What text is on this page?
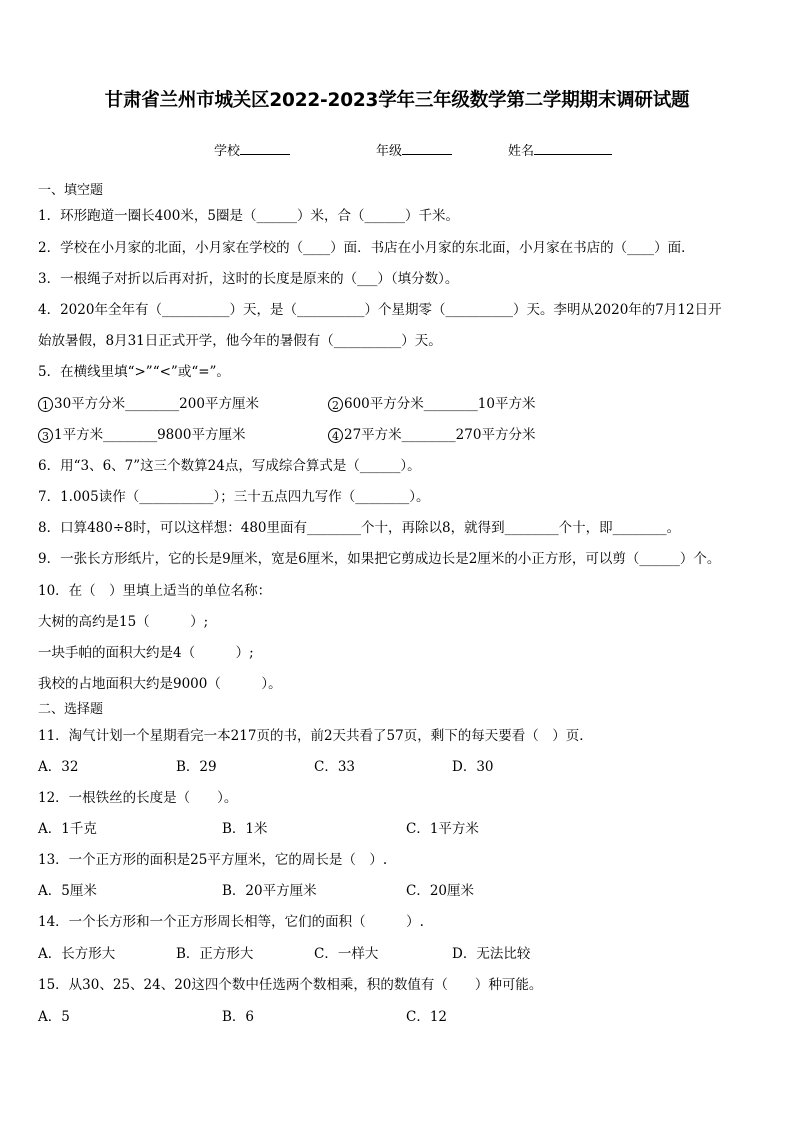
甘肃省兰州市城关区2022-2023学年三年级数学第二学期期末调研试题
学校	年级	姓名
一、填空题
1．环形跑道一圈长400米，5圈是（______）米，合（______）千米。
2．学校在小月家的北面，小月家在学校的（____）面．书店在小月家的东北面，小月家在书店的（____）面．
3．一根绳子对折以后再对折，这时的长度是原来的（___）（填分数）。
4．2020年全年有（__________）天，是（__________）个星期零（__________）天。李明从2020年的7月12日开
始放暑假，8月31日正式开学，他今年的暑假有（__________）天。
5．在横线里填“>”“<”或“=”。
1 30平方分米________200平方厘米	2 600平方分米________10平方米
3 1平方米________9800平方厘米	4 27平方米________270平方分米
6．用“3、6、7”这三个数算24点，写成综合算式是（______）。
7．1.005读作（___________）；三十五点四九写作（________）。
8．口算480÷8时，可以这样想：480里面有________个十，再除以8，就得到________个十，即________。
9．一张长方形纸片，它的长是9厘米，宽是6厘米，如果把它剪成边长是2厘米的小正方形，可以剪（______）个。
10．在（　）里填上适当的单位名称：
大树的高约是15（　　　）;
一块手帕的面积大约是4（　　　）;
我校的占地面积大约是9000（　　　）。
二、选择题
11．淘气计划一个星期看完一本217页的书，前2天共看了57页，剩下的每天要看（　）页．
A．32	B．29	C．33	D．30
12．一根铁丝的长度是（　　）。
A．1千克	B．1米	C．1平方米
13．一个正方形的面积是25平方厘米，它的周长是（　）.
A．5厘米	B．20平方厘米	C．20厘米
14．一个长方形和一个正方形周长相等，它们的面积（　　　）.
A．长方形大	B．正方形大	C．一样大	D．无法比较
15．从30、25、24、20这四个数中任选两个数相乘，积的数值有（　　）种可能。
A．5	B．6	C．12
